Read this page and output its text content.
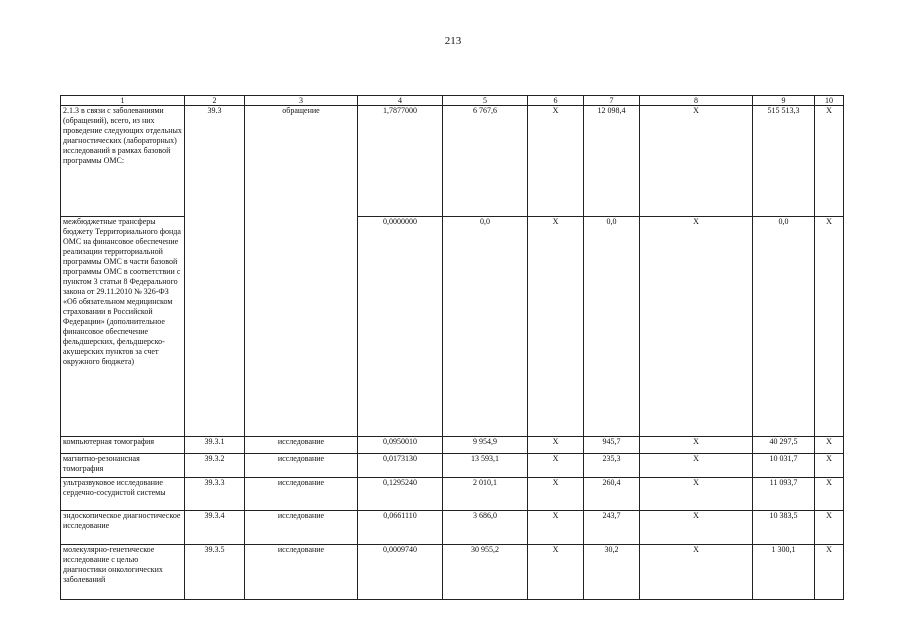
213
1	2	3	4	5	6	7	8	9	10
2.1.3 в связи с заболеваниями (обращений), всего, из них проведение следующих отдельных диагностических (лабораторных) исследований в рамках базовой программы ОМС:	39.3	обращение	1,7877000	6 767,6	X	12 098,4	X	515 513,3	X
межбюджетные трансферы бюджету Территориального фонда ОМС на финансовое обеспечение реализации территориальной программы ОМС в части базовой программы ОМС в соответствии с пунктом 3 статьи 8 Федерального закона от 29.11.2010 № 326-ФЗ «Об обязательном медицинском страховании в Российской Федерации» (дополнительное финансовое обеспечение фельдшерских, фельдшерско-акушерских пунктов за счет окружного бюджета)			0,0000000	0,0	X	0,0	X	0,0	X
компьютерная томография	39.3.1	исследование	0,0950010	9 954,9	X	945,7	X	40 297,5	X
магнитно-резонансная томография	39.3.2	исследование	0,0173130	13 593,1	X	235,3	X	10 031,7	X
ультразвуковое исследование сердечно-сосудистой системы	39.3.3	исследование	0,1295240	2 010,1	X	260,4	X	11 093,7	X
эндоскопическое диагностическое исследование	39.3.4	исследование	0,0661110	3 686,0	X	243,7	X	10 383,5	X
молекулярно-генетическое исследование с целью диагностики онкологических заболеваний	39.3.5	исследование	0,0009740	30 955,2	X	30,2	X	1 300,1	X
